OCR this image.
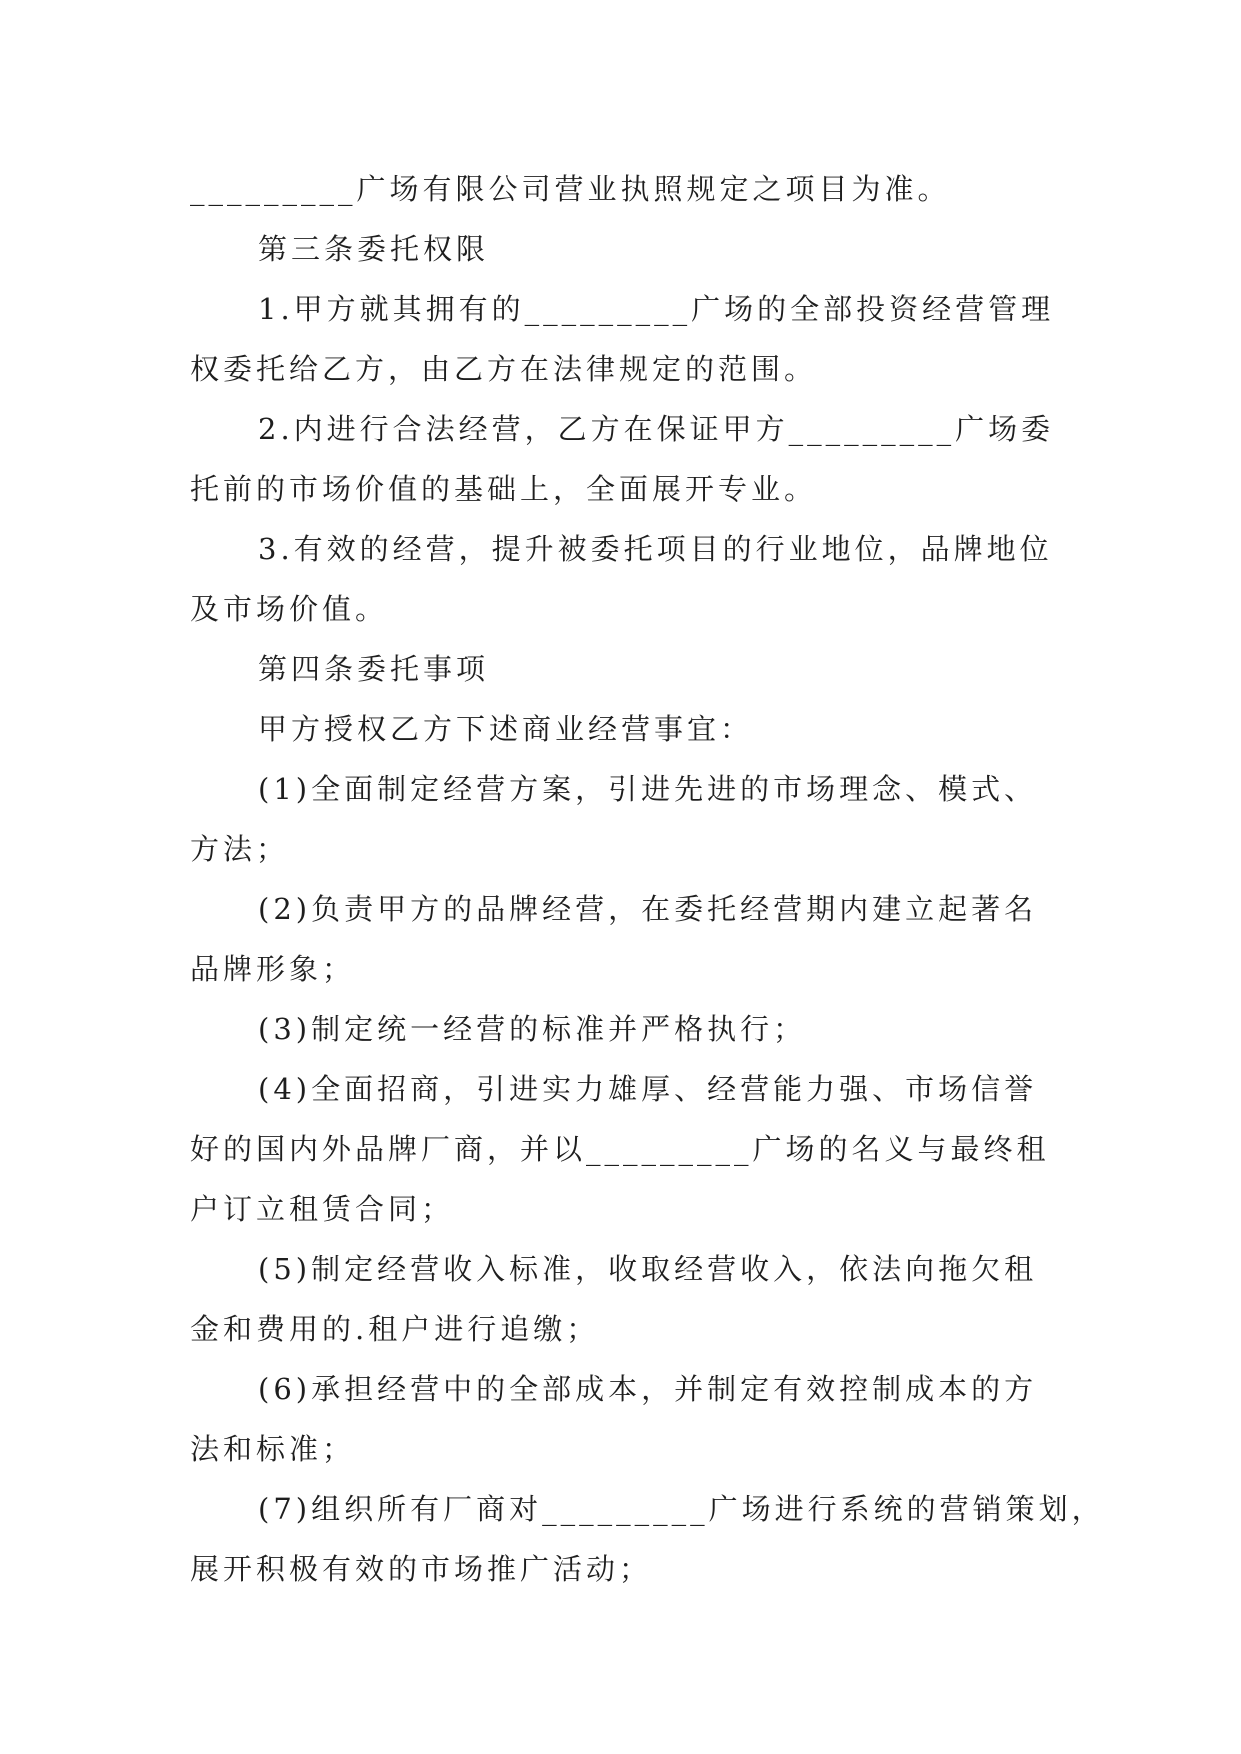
_________广场有限公司营业执照规定之项目为准。
第三条委托权限
1.甲方就其拥有的_________广场的全部投资经营管理
权委托给乙方，由乙方在法律规定的范围。
2.内进行合法经营，乙方在保证甲方_________广场委
托前的市场价值的基础上，全面展开专业。
3.有效的经营，提升被委托项目的行业地位，品牌地位
及市场价值。
第四条委托事项
甲方授权乙方下述商业经营事宜：
(1)全面制定经营方案，引进先进的市场理念、模式、
方法；
(2)负责甲方的品牌经营，在委托经营期内建立起著名
品牌形象；
(3)制定统一经营的标准并严格执行；
(4)全面招商，引进实力雄厚、经营能力强、市场信誉
好的国内外品牌厂商，并以_________广场的名义与最终租
户订立租赁合同；
(5)制定经营收入标准，收取经营收入，依法向拖欠租
金和费用的.租户进行追缴；
(6)承担经营中的全部成本，并制定有效控制成本的方
法和标准；
(7)组织所有厂商对_________广场进行系统的营销策划，
展开积极有效的市场推广活动；
